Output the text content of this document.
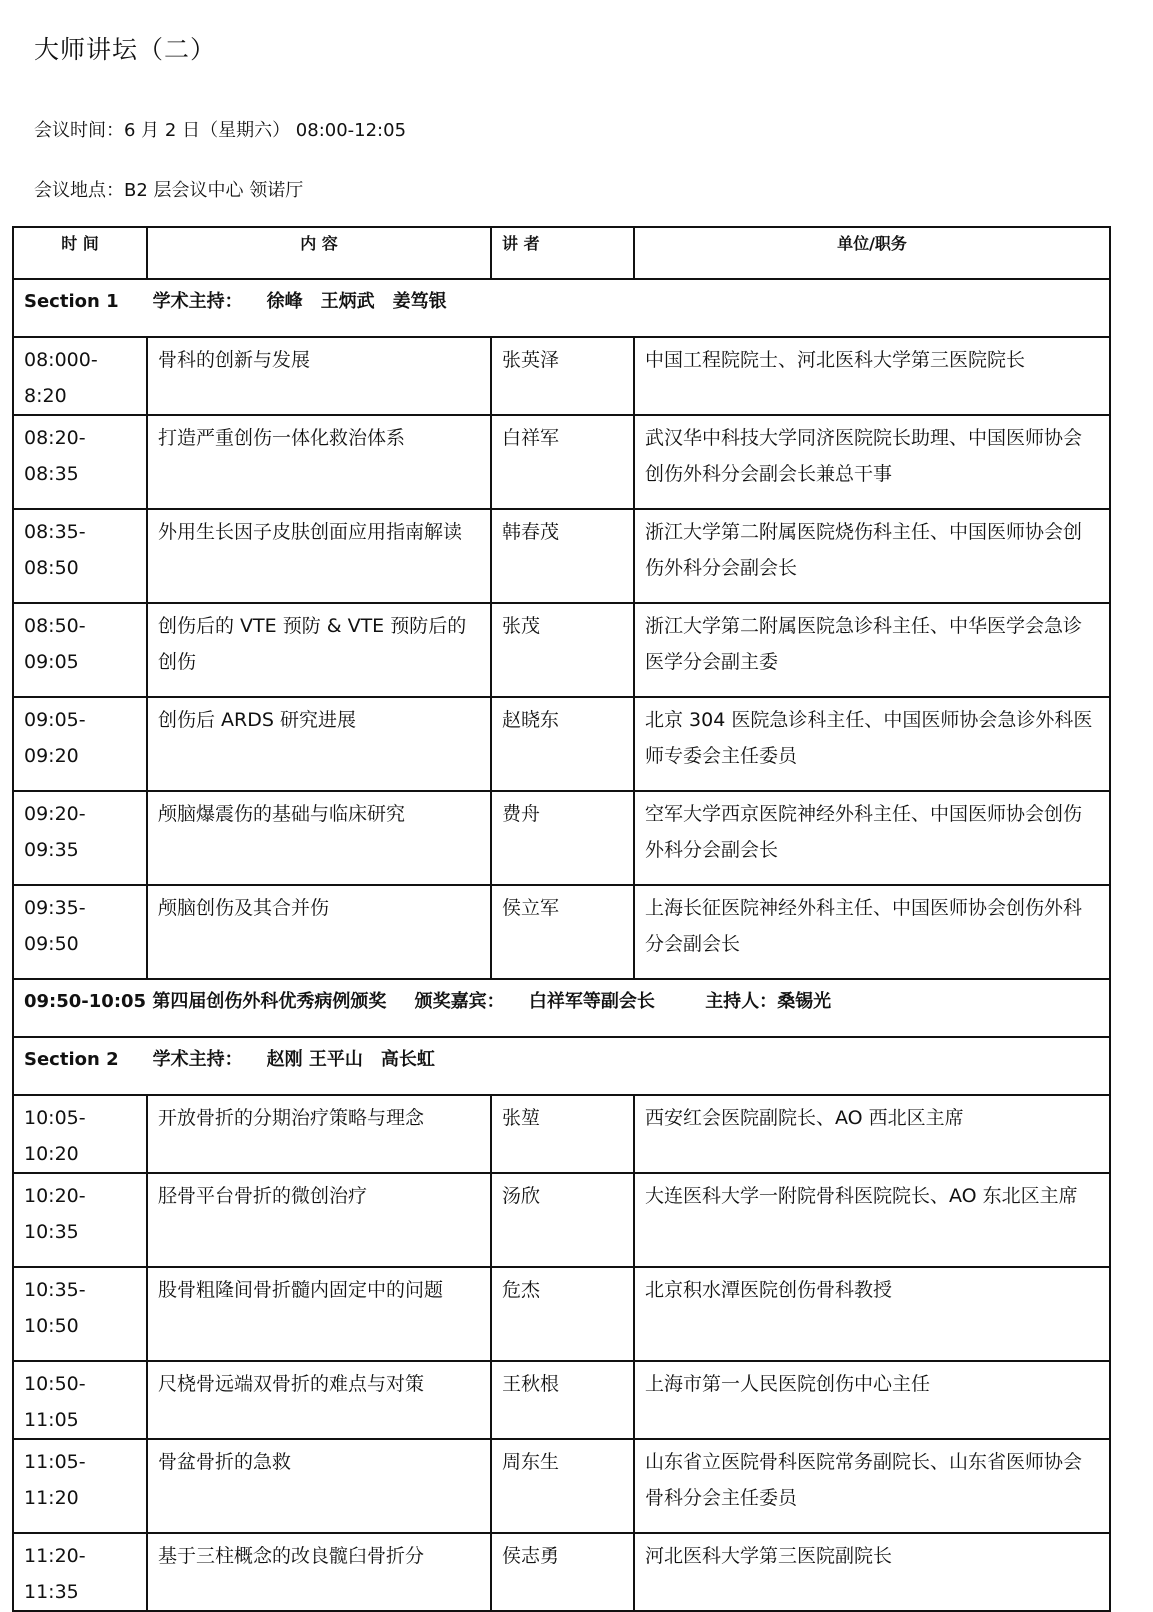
大师讲坛（二）
会议时间：6 月 2 日（星期六） 08:00-12:05
会议地点：B2 层会议中心 领诺厅
时 间	内 容	讲 者	单位/职务
Section 1 学术主持： 徐峰　王炳武　姜笃银			
08:000-8:20	骨科的创新与发展	张英泽	中国工程院院士、河北医科大学第三医院院长
08:20-08:35	打造严重创伤一体化救治体系	白祥军	武汉华中科技大学同济医院院长助理、中国医师协会创伤外科分会副会长兼总干事
08:35-08:50	外用生长因子皮肤创面应用指南解读	韩春茂	浙江大学第二附属医院烧伤科主任、中国医师协会创伤外科分会副会长
08:50-09:05	创伤后的 VTE 预防 & VTE 预防后的创伤	张茂	浙江大学第二附属医院急诊科主任、中华医学会急诊医学分会副主委
09:05-09:20	创伤后 ARDS 研究进展	赵晓东	北京 304 医院急诊科主任、中国医师协会急诊外科医师专委会主任委员
09:20-09:35	颅脑爆震伤的基础与临床研究	费舟	空军大学西京医院神经外科主任、中国医师协会创伤外科分会副会长
09:35-09:50	颅脑创伤及其合并伤	侯立军	上海长征医院神经外科主任、中国医师协会创伤外科分会副会长
09:50-10:05 第四届创伤外科优秀病例颁奖 颁奖嘉宾： 白祥军等副会长 主持人：桑锡光			
Section 2 学术主持： 赵刚 王平山　高长虹			
10:05-10:20	开放骨折的分期治疗策略与理念	张堃	西安红会医院副院长、AO 西北区主席
10:20-10:35	胫骨平台骨折的微创治疗	汤欣	大连医科大学一附院骨科医院院长、AO 东北区主席
10:35-10:50	股骨粗隆间骨折髓内固定中的问题	危杰	北京积水潭医院创伤骨科教授
10:50-11:05	尺桡骨远端双骨折的难点与对策	王秋根	上海市第一人民医院创伤中心主任
11:05-11:20	骨盆骨折的急救	周东生	山东省立医院骨科医院常务副院长、山东省医师协会骨科分会主任委员
11:20-11:35	基于三柱概念的改良髋臼骨折分	侯志勇	河北医科大学第三医院副院长
